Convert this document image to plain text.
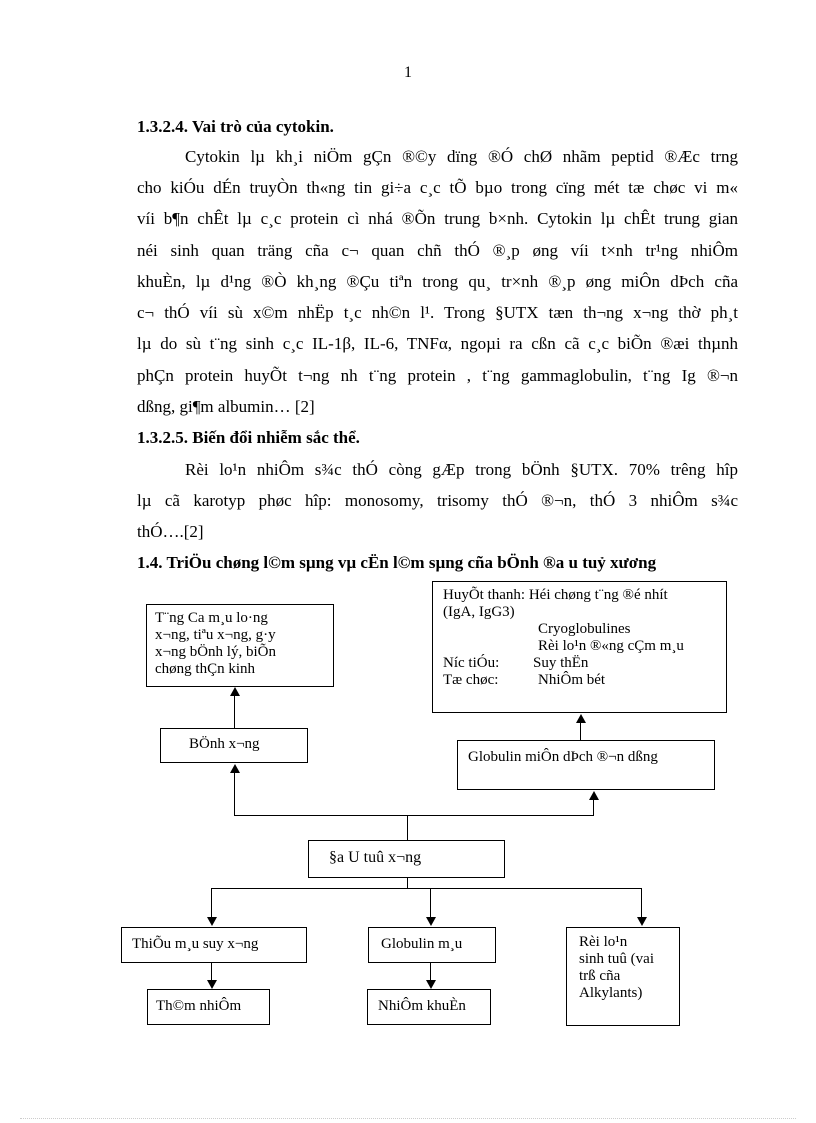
1
1.3.2.4. Vai trò của cytokin.
Cytokin lµ kh¸i niÖm gÇn ®©y dïng ®Ó chØ nhãm peptid ®Æc trng
cho kiÓu dÉn truyÒn th«ng tin gi÷a c¸c tÕ bµo trong cïng mét tæ chøc vi m«
víi b¶n chÊt lµ c¸c protein cì nhá ®Õn trung b×nh. Cytokin lµ chÊt trung gian
néi sinh quan träng cña c¬ quan chñ thÓ ®¸p øng víi t×nh tr¹ng nhiÔm
khuÈn, lµ d¹ng ®Ò kh¸ng ®Çu tiªn trong qu¸ tr×nh ®¸p øng miÔn dÞch cña
c¬ thÓ víi sù x©m nhËp t¸c nh©n l¹. Trong §UTX tæn th¬ng x¬ng thờ ph¸t
lµ do sù t¨ng sinh c¸c IL-1β, IL-6, TNFα, ngoµi ra cßn cã c¸c biÕn ®æi thµnh
phÇn protein huyÕt t¬ng nh t¨ng protein , t¨ng gammaglobulin, t¨ng Ig ®¬n
dßng, gi¶m albumin… [2]
1.3.2.5. Biến đổi nhiễm sắc thể.
Rèi lo¹n nhiÔm s¾c thÓ còng gÆp trong bÖnh §UTX. 70% trêng hîp
lµ cã karotyp phøc hîp: monosomy, trisomy thÓ ®¬n, thÓ 3 nhiÔm s¾c
thÓ….[2]
1.4. TriÖu chøng l©m sµng vµ cËn l©m sµng cña bÖnh ®a u tuỷ xương
T¨ng Ca m¸u lo·ng
x¬ng, tiªu x¬ng, g·y
x¬ng bÖnh lý, biÕn
chøng thÇn kinh
BÖnh x¬ng
HuyÕt thanh: Héi chøng t¨ng ®é nhít
(IgA, IgG3)
Cryoglobulines
Rèi lo¹n ®«ng cÇm m¸u
Níc tiÓu: Suy thËn
Tæ chøc:	NhiÔm bét
Globulin miÔn dÞch ®¬n dßng
§a U tuû x¬ng
ThiÕu m¸u suy x¬ng
Th©m nhiÔm
Globulin m¸u
NhiÔm khuÈn
Rèi lo¹n
sinh tuû (vai
trß cña
Alkylants)
